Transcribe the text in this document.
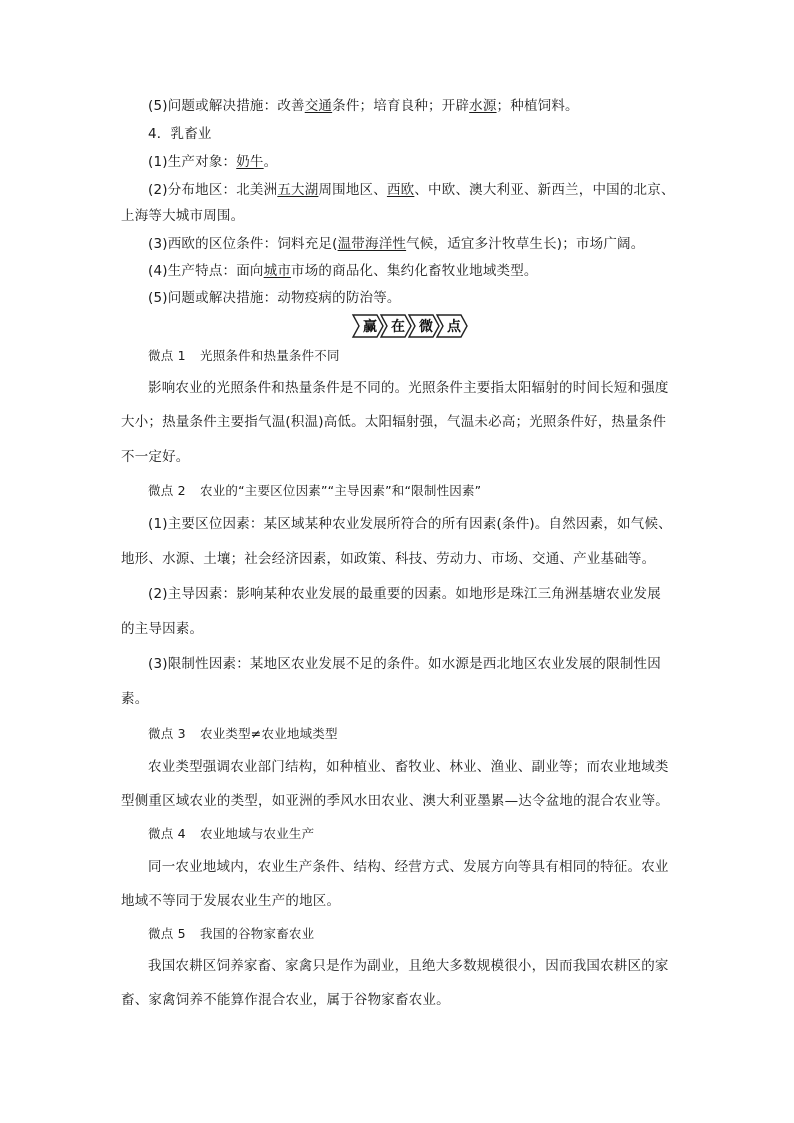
(5)问题或解决措施：改善交通条件；培育良种；开辟水源；种植饲料。
4．乳畜业
(1)生产对象：奶牛。
(2)分布地区：北美洲五大湖周围地区、西欧、中欧、澳大利亚、新西兰，中国的北京、
上海等大城市周围。
(3)西欧的区位条件：饲料充足(温带海洋性气候，适宜多汁牧草生长)；市场广阔。
(4)生产特点：面向城市市场的商品化、集约化畜牧业地域类型。
(5)问题或解决措施：动物疫病的防治等。
赢 在 微 点
微点 1 光照条件和热量条件不同
影响农业的光照条件和热量条件是不同的。光照条件主要指太阳辐射的时间长短和强度
大小；热量条件主要指气温(积温)高低。太阳辐射强，气温未必高；光照条件好，热量条件
不一定好。
微点 2 农业的“主要区位因素”“主导因素”和“限制性因素”
(1)主要区位因素：某区域某种农业发展所符合的所有因素(条件)。自然因素，如气候、
地形、水源、土壤；社会经济因素，如政策、科技、劳动力、市场、交通、产业基础等。
(2)主导因素：影响某种农业发展的最重要的因素。如地形是珠江三角洲基塘农业发展
的主导因素。
(3)限制性因素：某地区农业发展不足的条件。如水源是西北地区农业发展的限制性因
素。
微点 3 农业类型≠农业地域类型
农业类型强调农业部门结构，如种植业、畜牧业、林业、渔业、副业等；而农业地域类
型侧重区域农业的类型，如亚洲的季风水田农业、澳大利亚墨累—达令盆地的混合农业等。
微点 4 农业地域与农业生产
同一农业地域内，农业生产条件、结构、经营方式、发展方向等具有相同的特征。农业
地域不等同于发展农业生产的地区。
微点 5 我国的谷物家畜农业
我国农耕区饲养家畜、家禽只是作为副业，且绝大多数规模很小，因而我国农耕区的家
畜、家禽饲养不能算作混合农业，属于谷物家畜农业。
